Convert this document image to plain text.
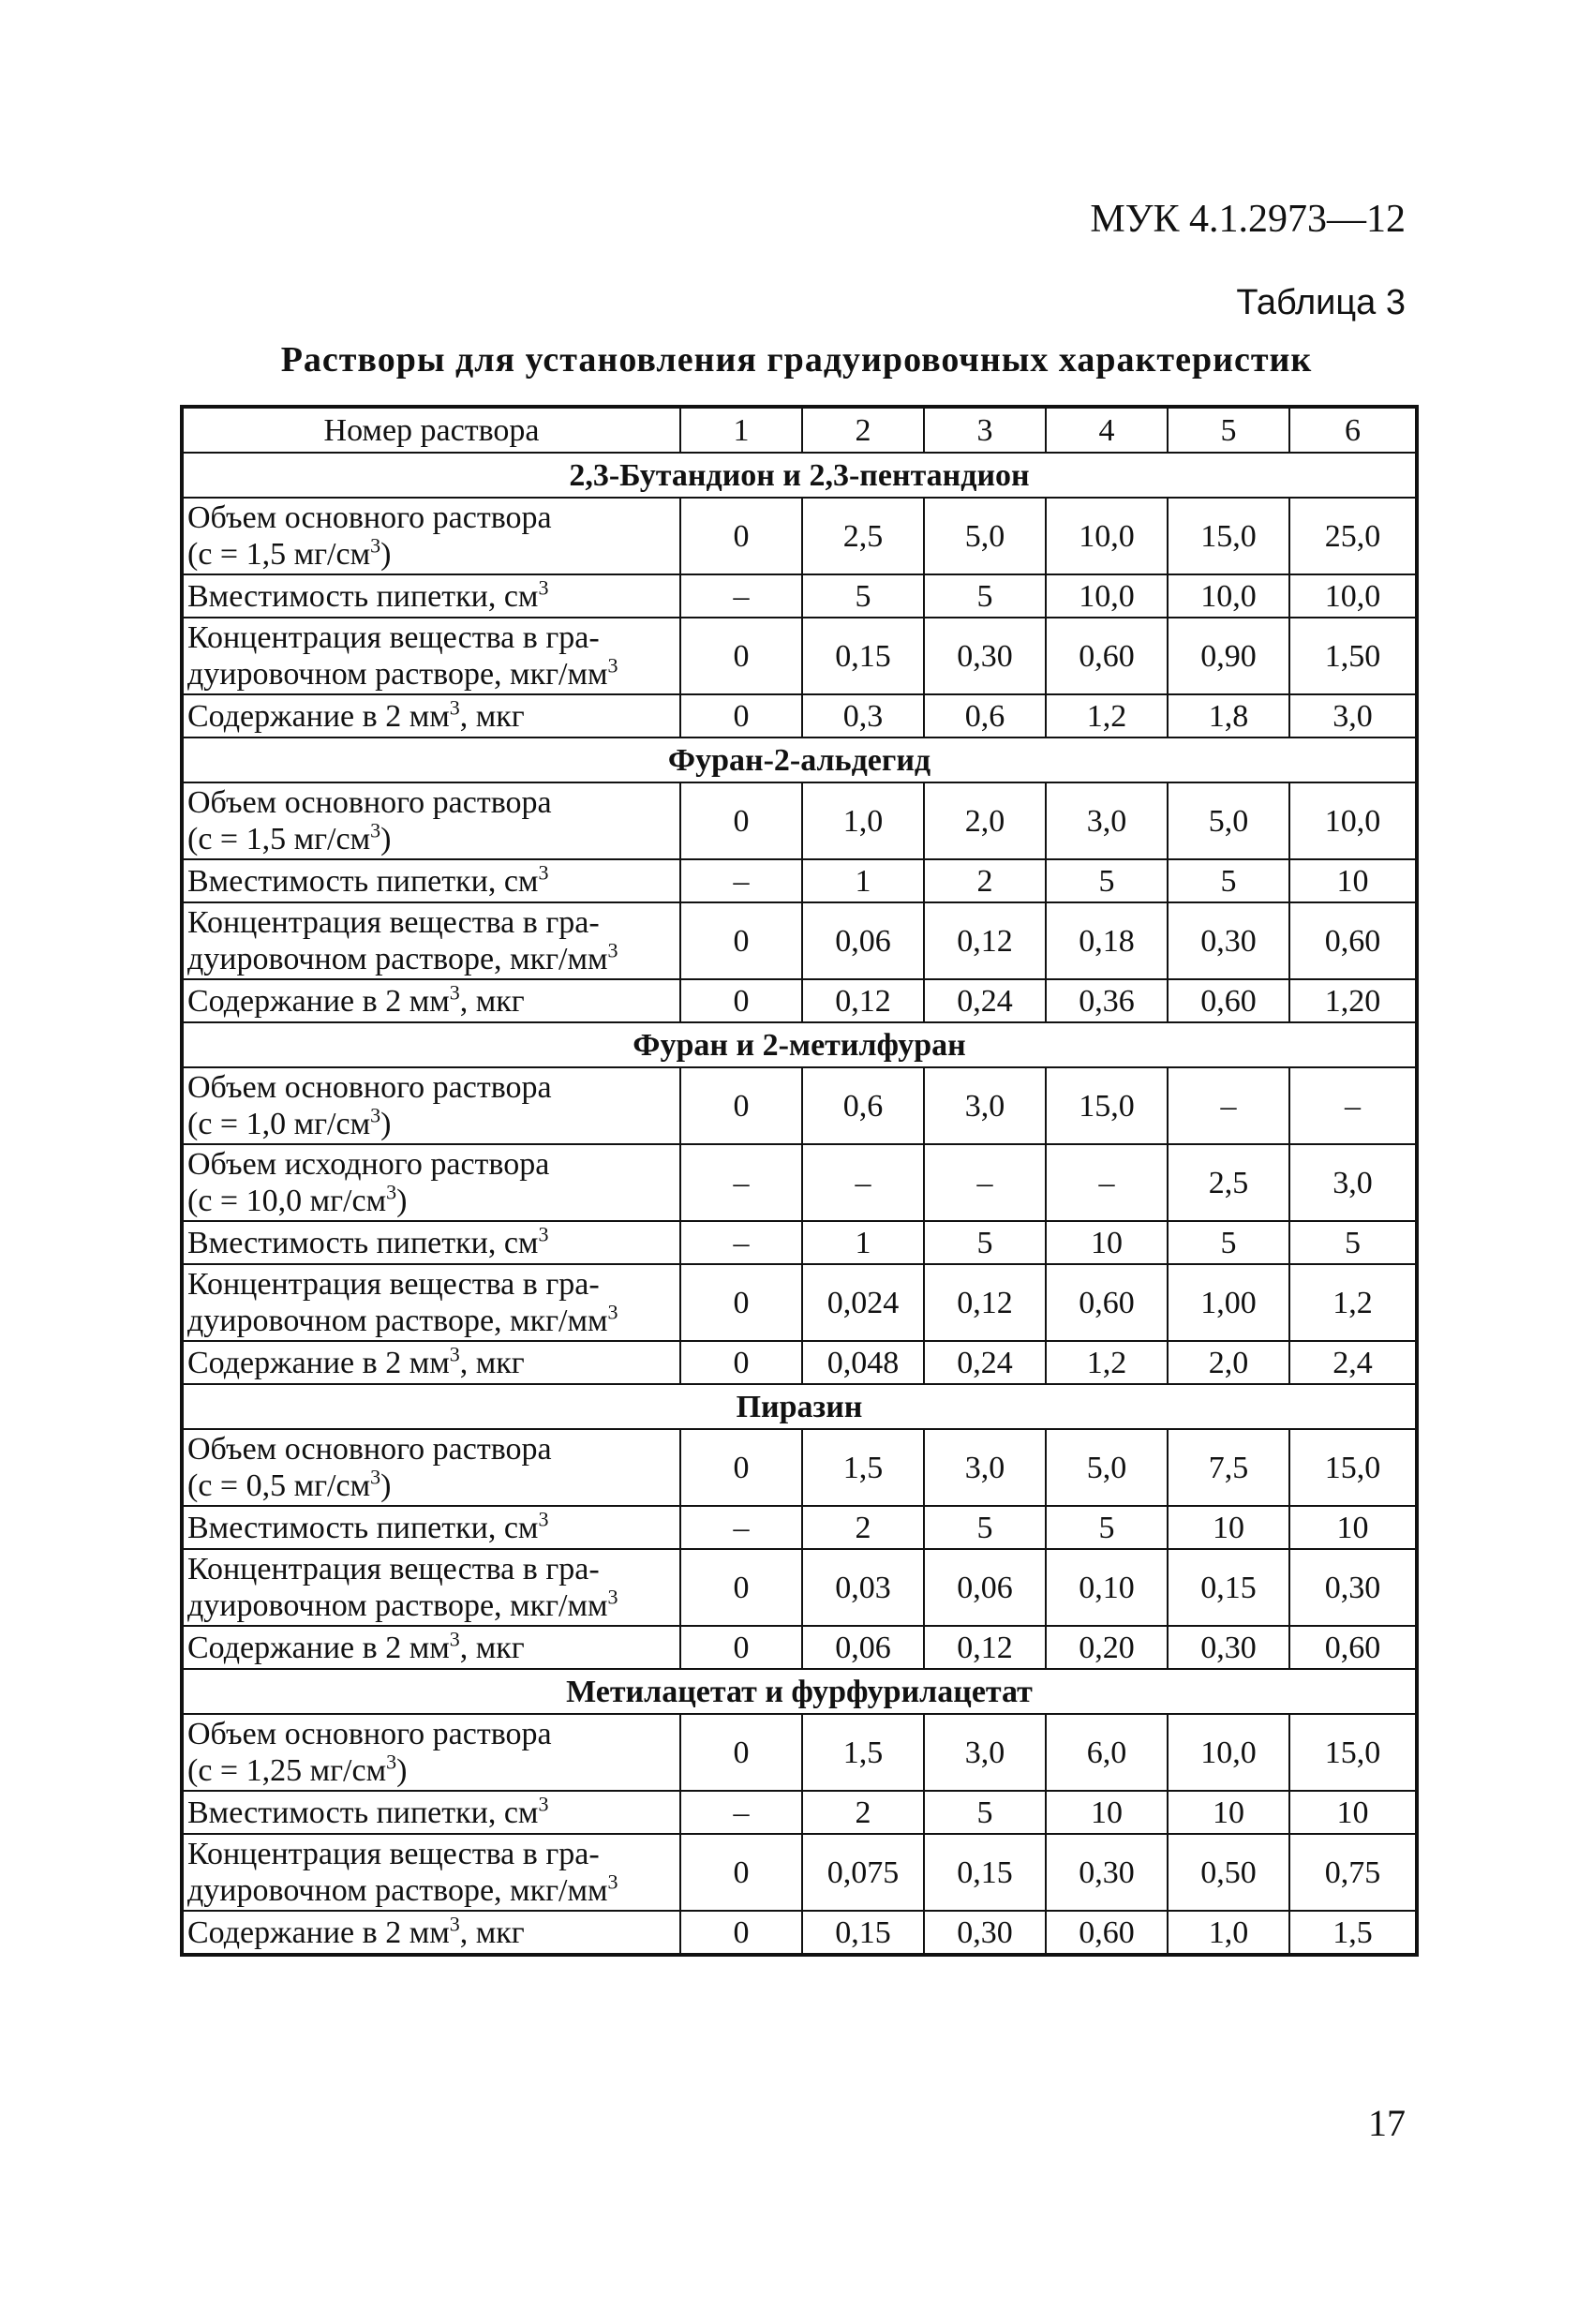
МУК 4.1.2973—12
Таблица 3
Растворы для установления градуировочных характеристик
Номер раствора	1	2	3	4	5	6
2,3-Бутандион и 2,3-пентандион						

Объем основного раствора
(с = 1,5 $мг/см^3$)	0	2,5	5,0	10,0	15,0	25,0

Вместимость пипетки, $см^3$	–	5	5	10,0	10,0	10,0

Концентрация вещества в гра-
дуировочном растворе, мкг/$мм^3$	0	0,15	0,30	0,60	0,90	1,50

Содержание в 2 $мм^3$, мкг	0	0,3	0,6	1,2	1,8	3,0
Фуран-2-альдегид						

Объем основного раствора
(с = 1,5 $мг/см^3$)	0	1,0	2,0	3,0	5,0	10,0

Вместимость пипетки, $см^3$	–	1	2	5	5	10

Концентрация вещества в гра-
дуировочном растворе, мкг/$мм^3$	0	0,06	0,12	0,18	0,30	0,60

Содержание в 2 $мм^3$, мкг	0	0,12	0,24	0,36	0,60	1,20
Фуран и 2-метилфуран						

Объем основного раствора
(с = 1,0 $мг/см^3$)	0	0,6	3,0	15,0	–	–

Объем исходного раствора
(с = 10,0 $мг/см^3$)	–	–	–	–	2,5	3,0

Вместимость пипетки, $см^3$	–	1	5	10	5	5

Концентрация вещества в гра-
дуировочном растворе, мкг/$мм^3$	0	0,024	0,12	0,60	1,00	1,2

Содержание в 2 $мм^3$, мкг	0	0,048	0,24	1,2	2,0	2,4
Пиразин						

Объем основного раствора
(с = 0,5 $мг/см^3$)	0	1,5	3,0	5,0	7,5	15,0

Вместимость пипетки, $см^3$	–	2	5	5	10	10

Концентрация вещества в гра-
дуировочном растворе, мкг/$мм^3$	0	0,03	0,06	0,10	0,15	0,30

Содержание в 2 $мм^3$, мкг	0	0,06	0,12	0,20	0,30	0,60
Метилацетат и фурфурилацетат						

Объем основного раствора
(с = 1,25 $мг/см^3$)	0	1,5	3,0	6,0	10,0	15,0

Вместимость пипетки, $см^3$	–	2	5	10	10	10

Концентрация вещества в гра-
дуировочном растворе, мкг/$мм^3$	0	0,075	0,15	0,30	0,50	0,75

Содержание в 2 $мм^3$, мкг	0	0,15	0,30	0,60	1,0	1,5
17
